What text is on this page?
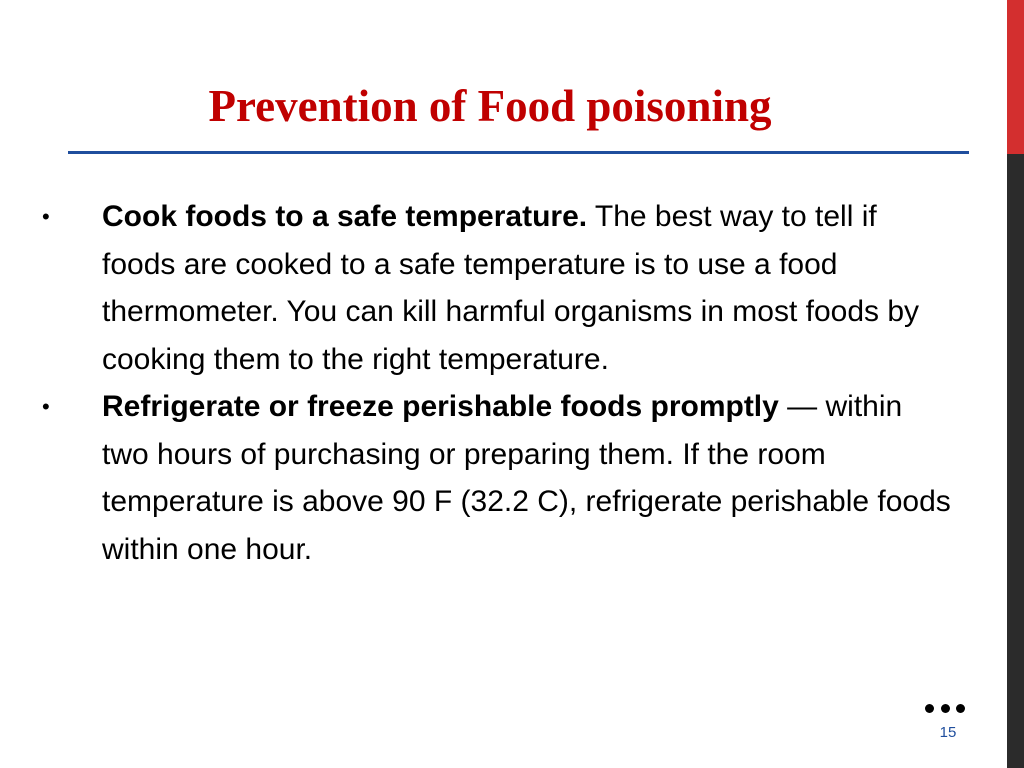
Prevention of Food poisoning
•
Cook foods to a safe temperature. The best way to tell if foods are cooked to a safe temperature is to use a food thermometer. You can kill harmful organisms in most foods by cooking them to the right temperature.
•
Refrigerate or freeze perishable foods promptly — within two hours of purchasing or preparing them. If the room temperature is above 90 F (32.2 C), refrigerate perishable foods within one hour.
15
